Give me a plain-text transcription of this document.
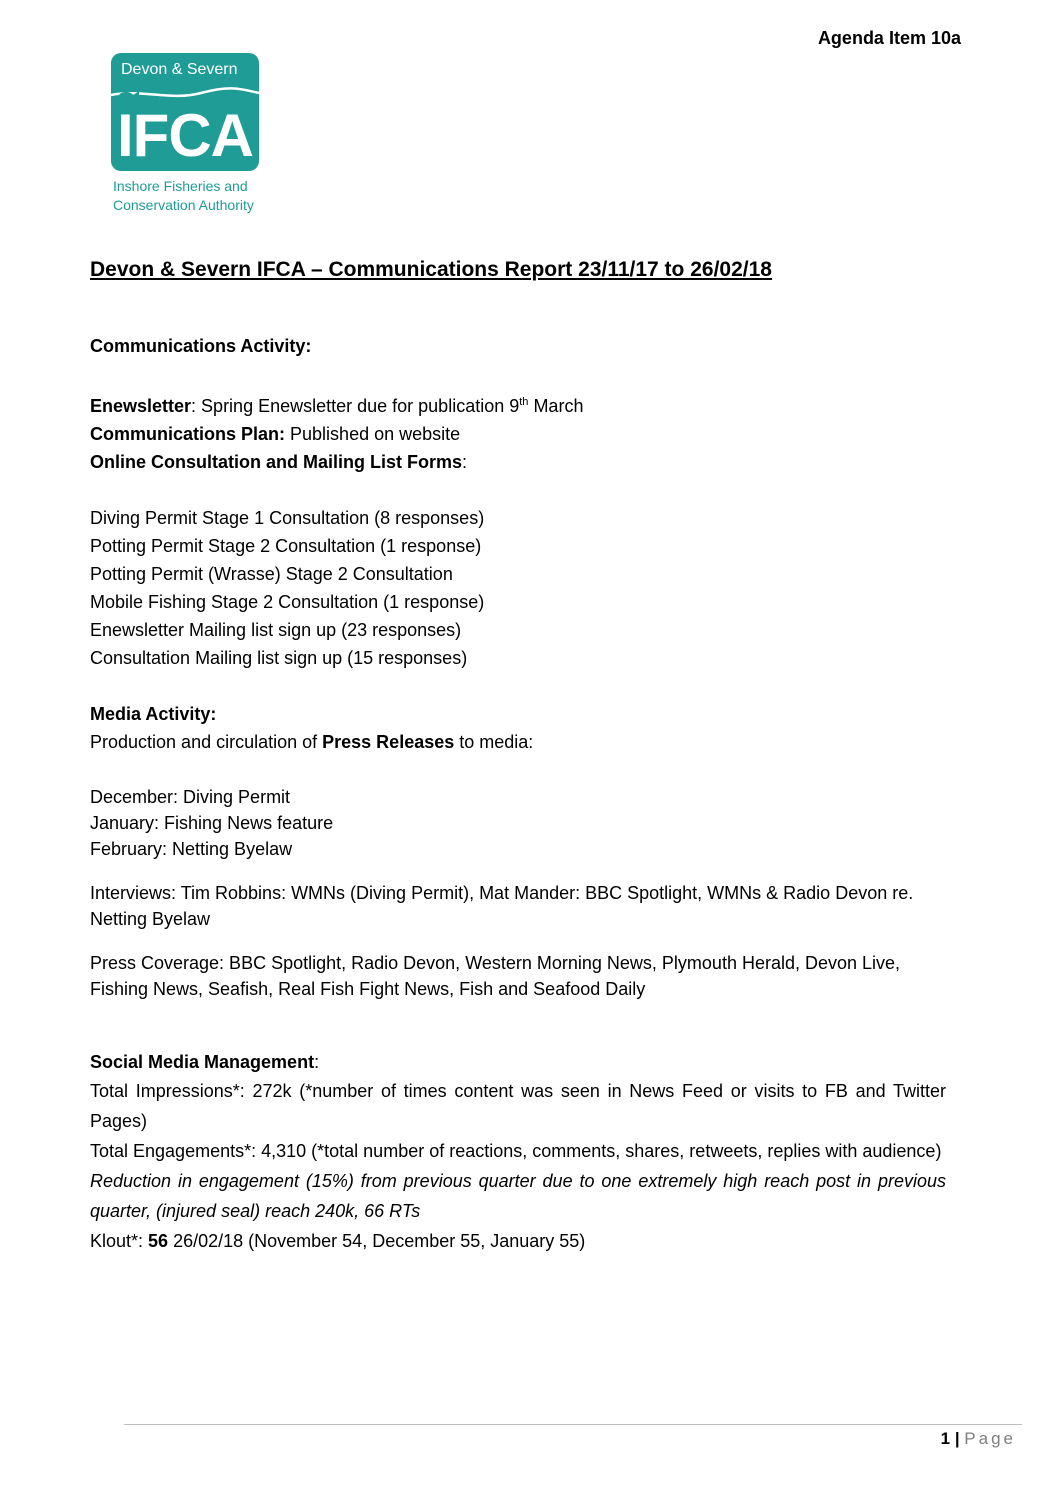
Agenda Item 10a
Devon & Severn
IFCA
Inshore Fisheries and
Conservation Authority
Devon & Severn IFCA – Communications Report 23/11/17 to 26/02/18

Communications Activity:

Enewsletter: Spring Enewsletter due for publication 9th March

Communications Plan: Published on website

Online Consultation and Mailing List Forms:

Diving Permit Stage 1 Consultation (8 responses)

Potting Permit Stage 2 Consultation (1 response)

Potting Permit (Wrasse) Stage 2 Consultation

Mobile Fishing Stage 2 Consultation (1 response)

Enewsletter Mailing list sign up (23 responses)

Consultation Mailing list sign up (15 responses)

Media Activity:

Production and circulation of Press Releases to media:

December: Diving Permit

January: Fishing News feature

February: Netting Byelaw

Interviews: Tim Robbins: WMNs (Diving Permit), Mat Mander: BBC Spotlight, WMNs & Radio Devon re. Netting Byelaw

Press Coverage: BBC Spotlight, Radio Devon, Western Morning News, Plymouth Herald, Devon Live, Fishing News, Seafish, Real Fish Fight News, Fish and Seafood Daily

Social Media Management:

Total Impressions*: 272k (*number of times content was seen in News Feed or visits to FB and Twitter Pages)

Total Engagements*: 4,310 (*total number of reactions, comments, shares, retweets, replies with audience)

Reduction in engagement (15%) from previous quarter due to one extremely high reach post in previous quarter, (injured seal) reach 240k, 66 RTs

Klout*: 56 26/02/18 (November 54, December 55, January 55)

1 | Page
